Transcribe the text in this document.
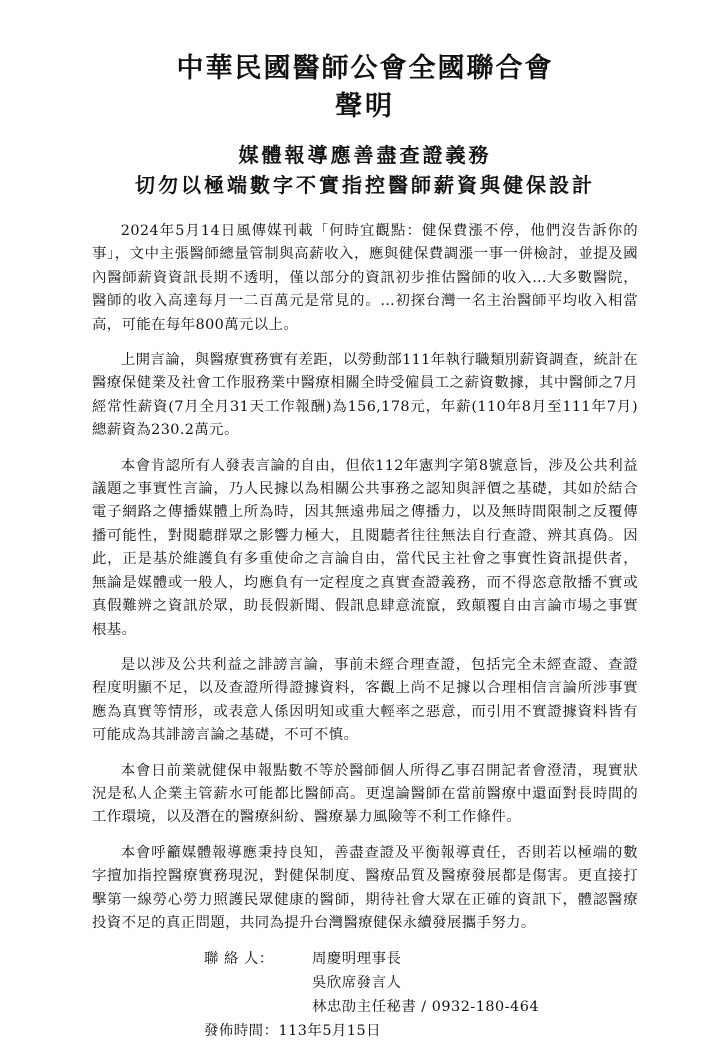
中華民國醫師公會全國聯合會
聲明
媒體報導應善盡查證義務
切勿以極端數字不實指控醫師薪資與健保設計

2024年5月14日風傳媒刊載「何時宜觀點：健保費漲不停，他們沒告訴你的事」，文中主張醫師總量管制與高薪收入，應與健保費調漲一事一併檢討，並提及國內醫師薪資資訊長期不透明，僅以部分的資訊初步推估醫師的收入…大多數醫院，醫師的收入高達每月一二百萬元是常見的。…初探台灣一名主治醫師平均收入相當高，可能在每年800萬元以上。

上開言論，與醫療實務實有差距，以勞動部111年執行職類別薪資調查，統計在醫療保健業及社會工作服務業中醫療相關全時受僱員工之薪資數據，其中醫師之7月經常性薪資(7月全月31天工作報酬)為156,178元，年薪(110年8月至111年7月)總薪資為230.2萬元。

本會肯認所有人發表言論的自由，但依112年憲判字第8號意旨，涉及公共利益議題之事實性言論，乃人民據以為相關公共事務之認知與評價之基礎，其如於結合電子網路之傳播媒體上所為時，因其無遠弗屆之傳播力，以及無時間限制之反覆傳播可能性，對閱聽群眾之影響力極大，且閱聽者往往無法自行查證、辨其真偽。因此，正是基於維護負有多重使命之言論自由，當代民主社會之事實性資訊提供者，無論是媒體或一般人，均應負有一定程度之真實查證義務，而不得恣意散播不實或真假難辨之資訊於眾，助長假新聞、假訊息肆意流竄，致顛覆自由言論市場之事實根基。

是以涉及公共利益之誹謗言論，事前未經合理查證，包括完全未經查證、查證程度明顯不足，以及查證所得證據資料，客觀上尚不足據以合理相信言論所涉事實應為真實等情形，或表意人係因明知或重大輕率之惡意，而引用不實證據資料皆有可能成為其誹謗言論之基礎，不可不慎。

本會日前業就健保申報點數不等於醫師個人所得乙事召開記者會澄清，現實狀況是私人企業主管薪水可能都比醫師高。更遑論醫師在當前醫療中還面對長時間的工作環境，以及潛在的醫療糾紛、醫療暴力風險等不利工作條件。

本會呼籲媒體報導應秉持良知，善盡查證及平衡報導責任，否則若以極端的數字擅加指控醫療實務現況，對健保制度、醫療品質及醫療發展都是傷害。更直接打擊第一線勞心勞力照護民眾健康的醫師，期待社會大眾在正確的資訊下，體認醫療投資不足的真正問題，共同為提升台灣醫療健保永續發展攜手努力。

聯 絡 人：	周慶明理事長
吳欣席發言人
林忠劭主任秘書 / 0932-180-464
發佈時間： 113年5月15日
